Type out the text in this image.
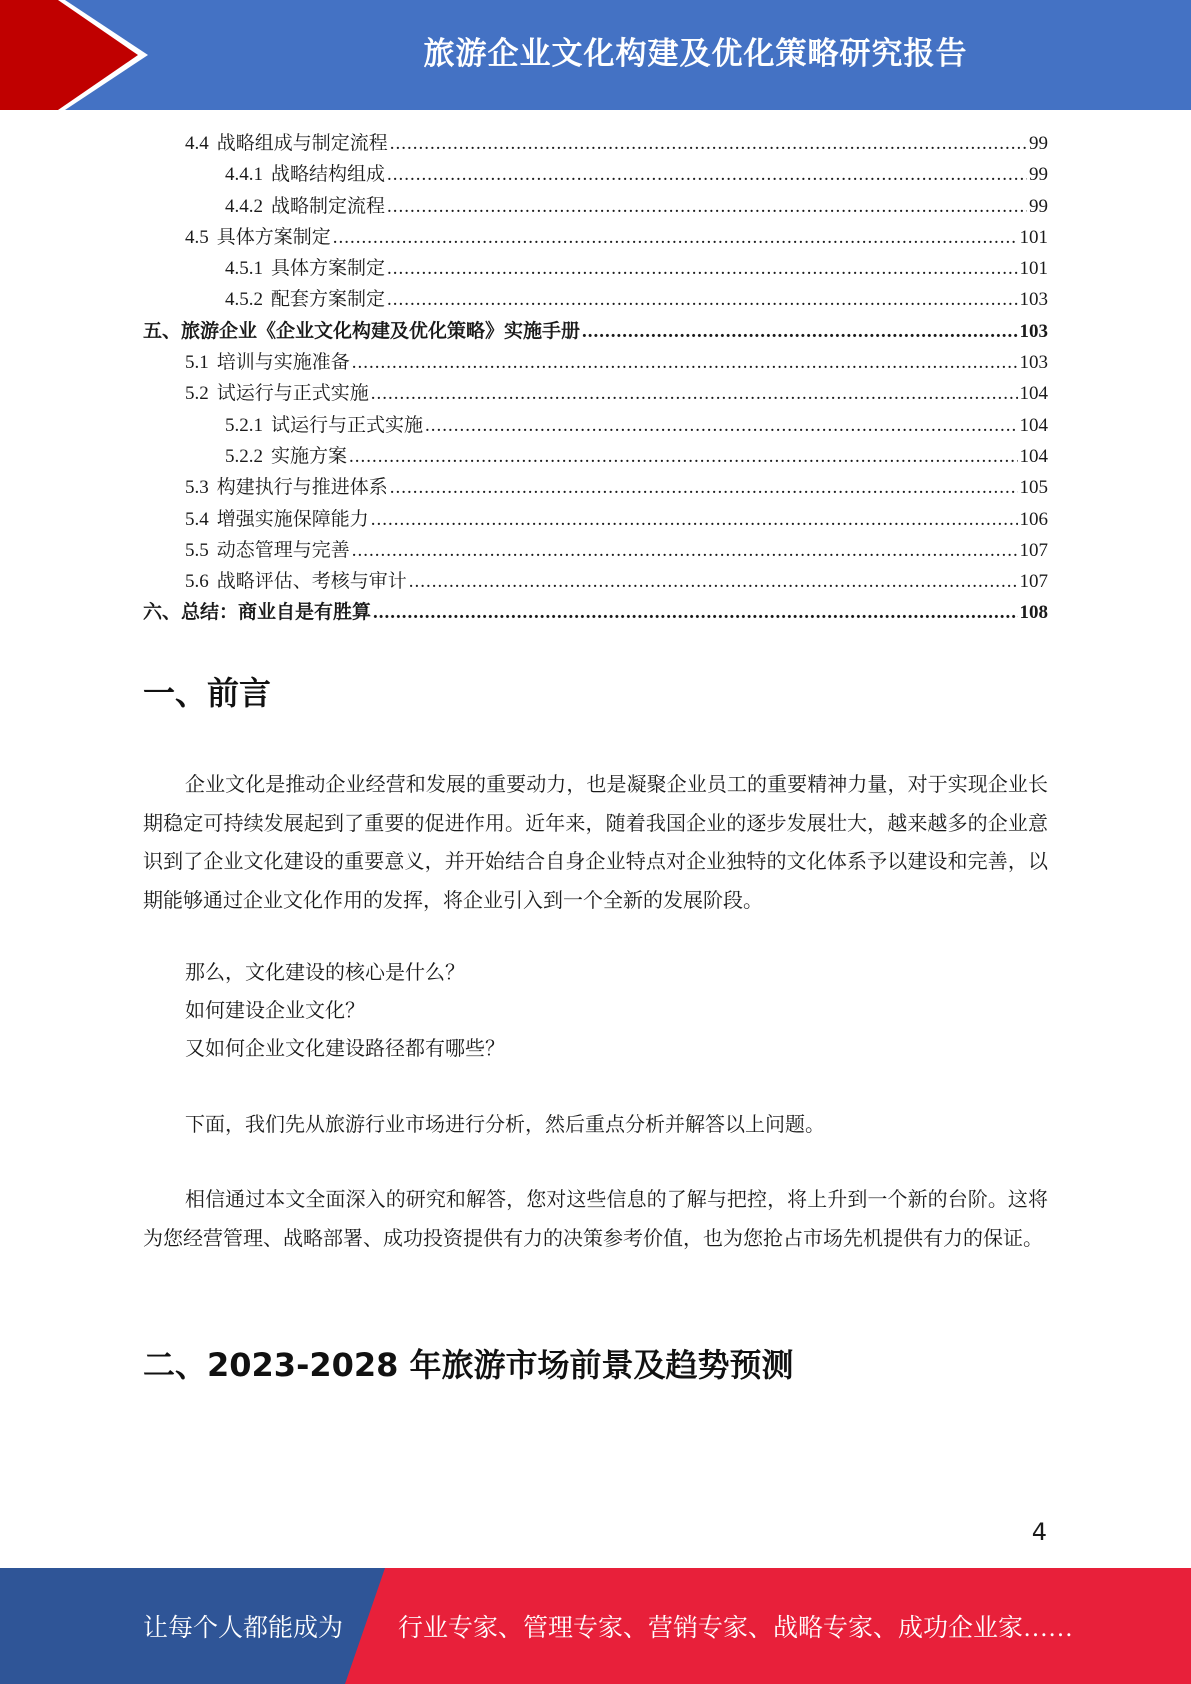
旅游企业文化构建及优化策略研究报告
4.4 战略组成与制定流程 .....	99
4.4.1 战略结构组成 .....	99
4.4.2 战略制定流程 .....	99
4.5 具体方案制定 .....	101
4.5.1 具体方案制定 .....	101
4.5.2 配套方案制定 .....	103
五、旅游企业《企业文化构建及优化策略》实施手册 .....	103
5.1 培训与实施准备 .....	103
5.2 试运行与正式实施 .....	104
5.2.1 试运行与正式实施 .....	104
5.2.2 实施方案 .....	104
5.3 构建执行与推进体系 .....	105
5.4 增强实施保障能力 .....	106
5.5 动态管理与完善 .....	107
5.6 战略评估、考核与审计 .....	107
六、总结：商业自是有胜算 .....	108
一、前言

企业文化是推动企业经营和发展的重要动力，也是凝聚企业员工的重要精神力量，对于实现企业长期稳定可持续发展起到了重要的促进作用。近年来，随着我国企业的逐步发展壮大，越来越多的企业意识到了企业文化建设的重要意义，并开始结合自身企业特点对企业独特的文化体系予以建设和完善，以期能够通过企业文化作用的发挥，将企业引入到一个全新的发展阶段。

那么，文化建设的核心是什么？
如何建设企业文化？
又如何企业文化建设路径都有哪些？

下面，我们先从旅游行业市场进行分析，然后重点分析并解答以上问题。

相信通过本文全面深入的研究和解答，您对这些信息的了解与把控，将上升到一个新的台阶。这将为您经营管理、战略部署、成功投资提供有力的决策参考价值，也为您抢占市场先机提供有力的保证。

二、2023-2028 年旅游市场前景及趋势预测
4
让每个人都能成为 行业专家、管理专家、营销专家、战略专家、成功企业家……
